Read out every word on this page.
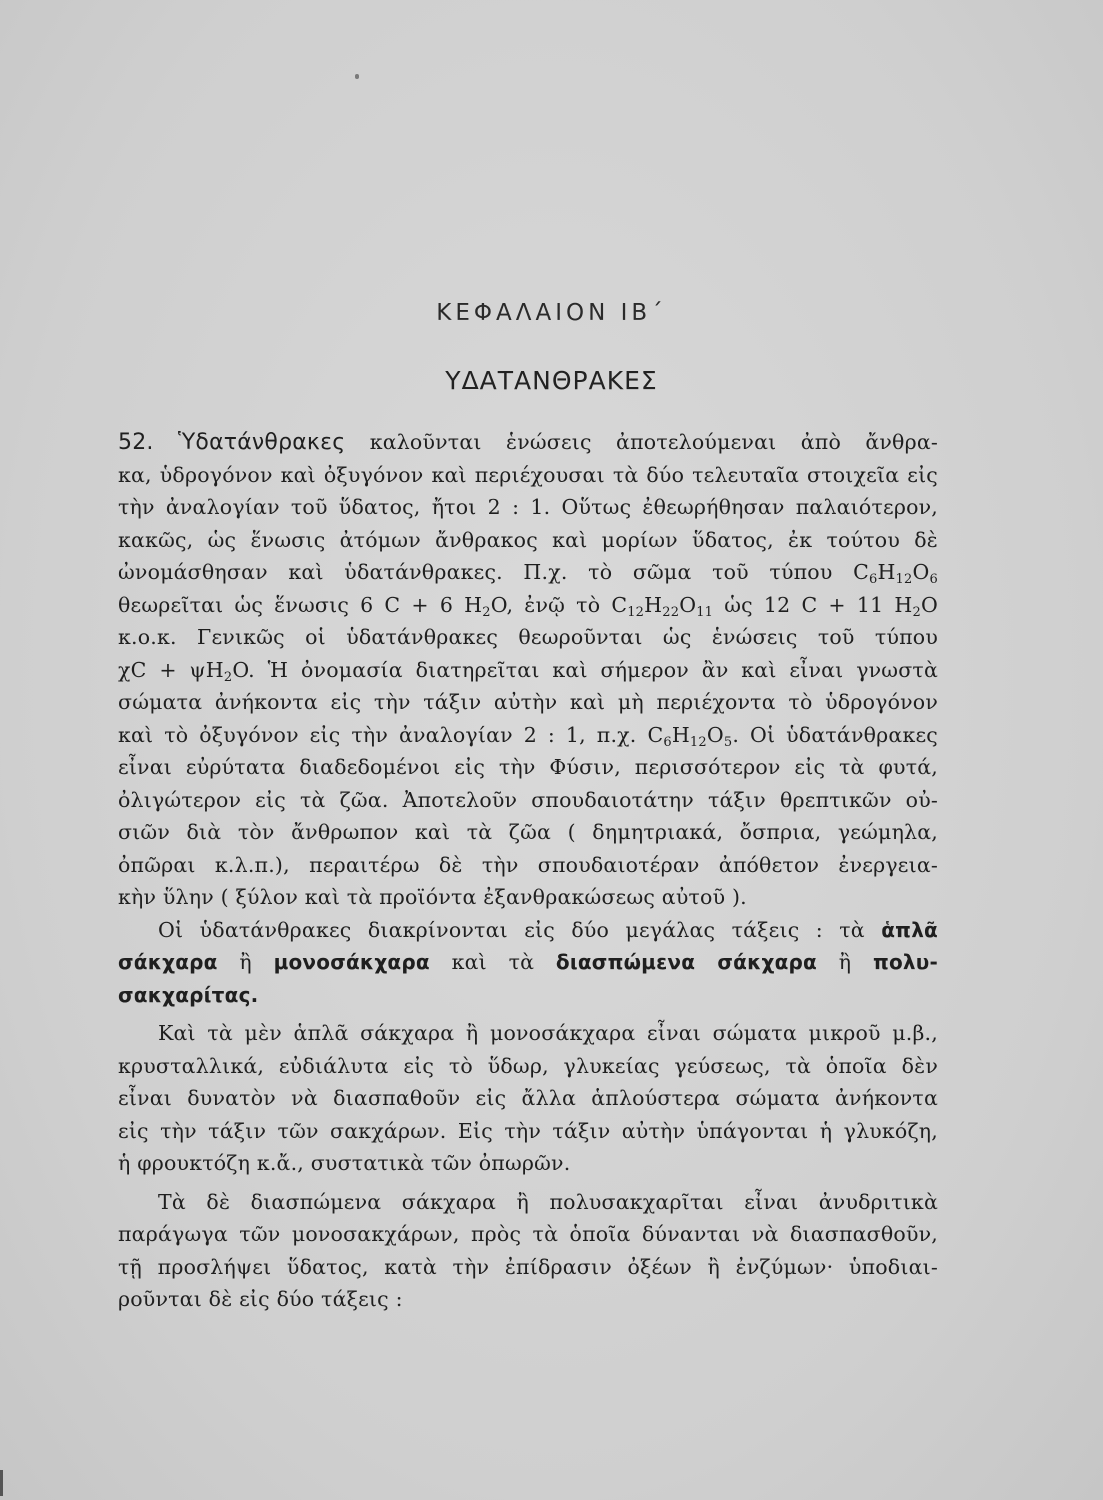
ΚΕΦΑΛΑΙΟΝ ΙΒ΄
ΥΔΑΤΑΝΘΡΑΚΕΣ
52. Ὑδατάνθρακες καλοῦνται ἑνώσεις ἀποτελούμεναι ἀπὸ ἄνθρα-
κα, ὑδρογόνον καὶ ὀξυγόνον καὶ περιέχουσαι τὰ δύο τελευταῖα στοιχεῖα εἰς
τὴν ἀναλογίαν τοῦ ὕδατος, ἤτοι 2 : 1. Οὕτως ἐθεωρήθησαν παλαιότερον,
κακῶς, ὡς ἕνωσις ἀτόμων ἄνθρακος καὶ μορίων ὕδατος, ἐκ τούτου δὲ
ὠνομάσθησαν καὶ ὑδατάνθρακες. Π.χ. τὸ σῶμα τοῦ τύπου $C_6H_{12}O_6$
θεωρεῖται ὡς ἕνωσις 6 C + 6 $H_2O$, ἐνῷ τὸ $C_{12}H_{22}O_{11}$ ὡς 12 C + 11 $H_2O$
κ.ο.κ. Γενικῶς οἱ ὑδατάνθρακες θεωροῦνται ὡς ἑνώσεις τοῦ τύπου
$\chi C + \psi H_2O$. Ἡ ὀνομασία διατηρεῖται καὶ σήμερον ἂν καὶ εἶναι γνωστὰ
σώματα ἀνήκοντα εἰς τὴν τάξιν αὐτὴν καὶ μὴ περιέχοντα τὸ ὑδρογόνον
καὶ τὸ ὀξυγόνον εἰς τὴν ἀναλογίαν 2 : 1, π.χ. $C_6H_{12}O_5$. Οἱ ὑδατάνθρακες
εἶναι εὐρύτατα διαδεδομένοι εἰς τὴν Φύσιν, περισσότερον εἰς τὰ φυτά,
ὀλιγώτερον εἰς τὰ ζῶα. Ἀποτελοῦν σπουδαιοτάτην τάξιν θρεπτικῶν οὐ-
σιῶν διὰ τὸν ἄνθρωπον καὶ τὰ ζῶα ( δημητριακά, ὄσπρια, γεώμηλα,
ὀπῶραι κ.λ.π.), περαιτέρω δὲ τὴν σπουδαιοτέραν ἀπόθετον ἐνεργεια-
κὴν ὕλην ( ξύλον καὶ τὰ προϊόντα ἐξανθρακώσεως αὐτοῦ ).
Οἱ ὑδατάνθρακες διακρίνονται εἰς δύο μεγάλας τάξεις : τὰ ἁπλᾶ
σάκχαρα ἢ μονοσάκχαρα καὶ τὰ διασπώμενα σάκχαρα ἢ πολυ-
σακχαρίτας.
Καὶ τὰ μὲν ἁπλᾶ σάκχαρα ἢ μονοσάκχαρα εἶναι σώματα μικροῦ μ.β.,
κρυσταλλικά, εὐδιάλυτα εἰς τὸ ὕδωρ, γλυκείας γεύσεως, τὰ ὁποῖα δὲν
εἶναι δυνατὸν νὰ διασπαθοῦν εἰς ἄλλα ἁπλούστερα σώματα ἀνήκοντα
εἰς τὴν τάξιν τῶν σακχάρων. Εἰς τὴν τάξιν αὐτὴν ὑπάγονται ἡ γλυκόζη,
ἡ φρουκτόζη κ.ἄ., συστατικὰ τῶν ὀπωρῶν.
Τὰ δὲ διασπώμενα σάκχαρα ἢ πολυσακχαρῖται εἶναι ἀνυδριτικὰ
παράγωγα τῶν μονοσακχάρων, πρὸς τὰ ὁποῖα δύνανται νὰ διασπασθοῦν,
τῇ προσλήψει ὕδατος, κατὰ τὴν ἐπίδρασιν ὀξέων ἢ ἐνζύμων· ὑποδιαι-
ροῦνται δὲ εἰς δύο τάξεις :
